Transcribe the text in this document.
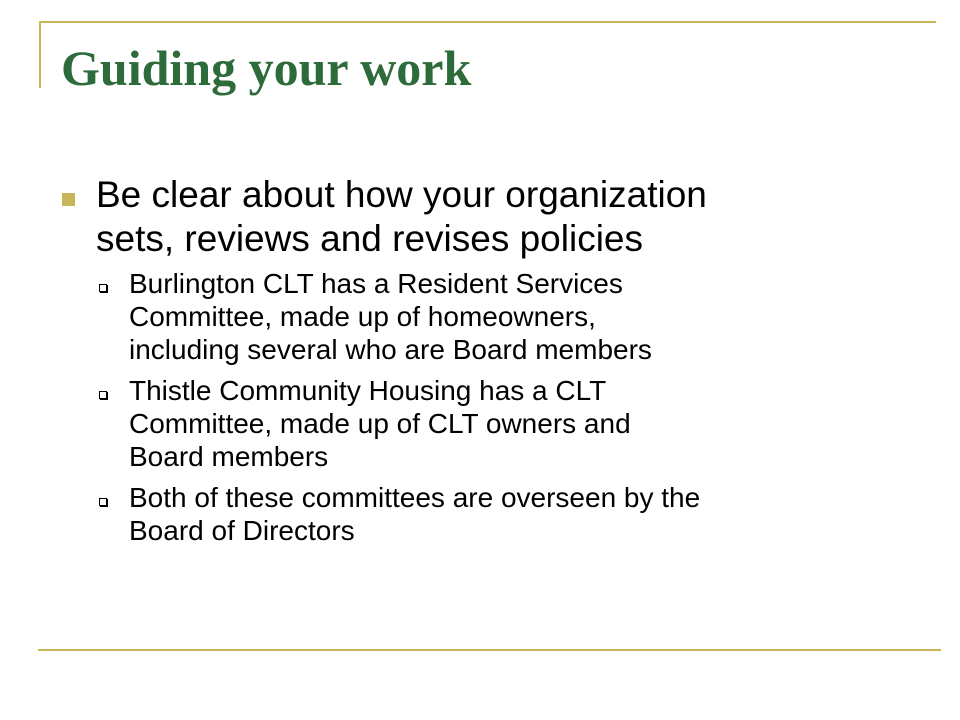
Guiding your work
Be clear about how your organization
sets, reviews and revises policies
Burlington CLT has a Resident Services
Committee, made up of homeowners,
including several who are Board members
Thistle Community Housing has a CLT
Committee, made up of CLT owners and
Board members
Both of these committees are overseen by the
Board of Directors
